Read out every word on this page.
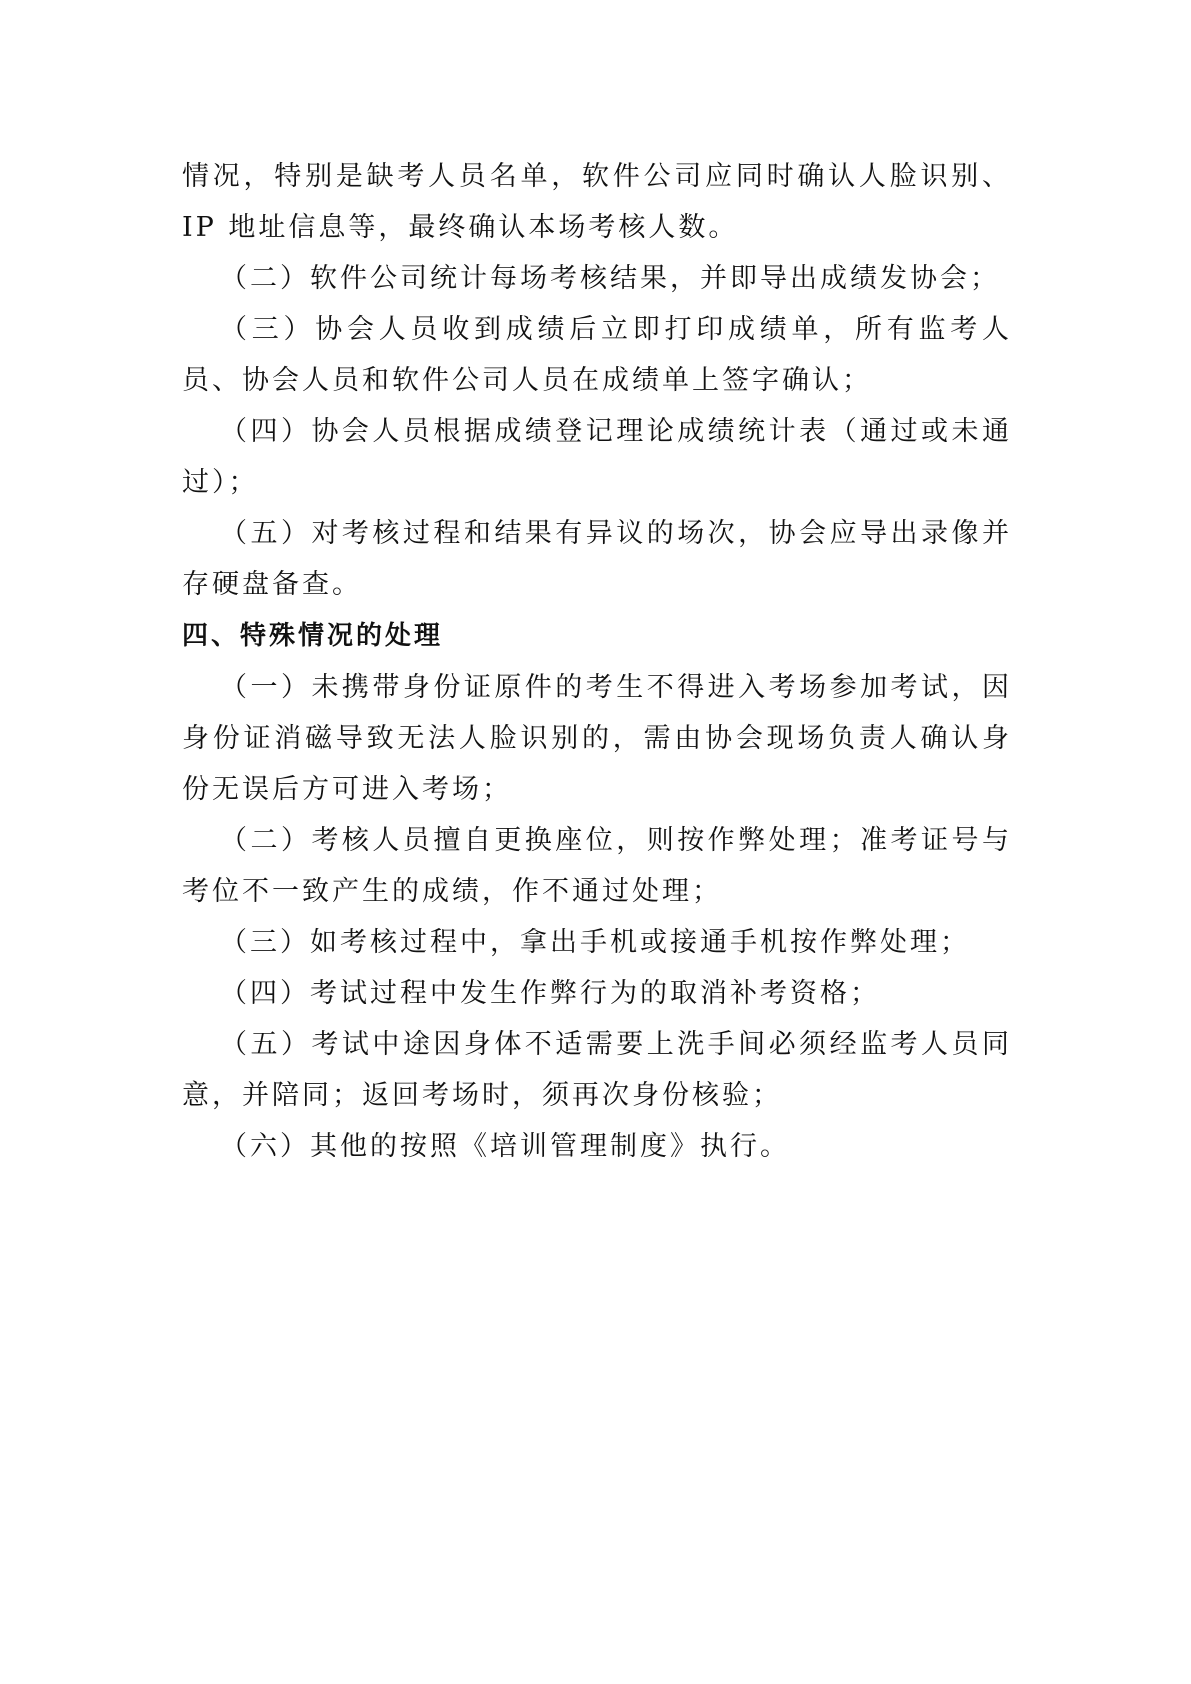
情况，特别是缺考人员名单，软件公司应同时确认人脸识别、IP 地址信息等，最终确认本场考核人数。

（二）软件公司统计每场考核结果，并即导出成绩发协会；

（三）协会人员收到成绩后立即打印成绩单，所有监考人员、协会人员和软件公司人员在成绩单上签字确认；

（四）协会人员根据成绩登记理论成绩统计表（通过或未通过）；

（五）对考核过程和结果有异议的场次，协会应导出录像并存硬盘备查。

四、特殊情况的处理

（一）未携带身份证原件的考生不得进入考场参加考试，因身份证消磁导致无法人脸识别的，需由协会现场负责人确认身份无误后方可进入考场；

（二）考核人员擅自更换座位，则按作弊处理；准考证号与考位不一致产生的成绩，作不通过处理；

（三）如考核过程中，拿出手机或接通手机按作弊处理；

（四）考试过程中发生作弊行为的取消补考资格；

（五）考试中途因身体不适需要上洗手间必须经监考人员同意，并陪同；返回考场时，须再次身份核验；

（六）其他的按照《培训管理制度》执行。
